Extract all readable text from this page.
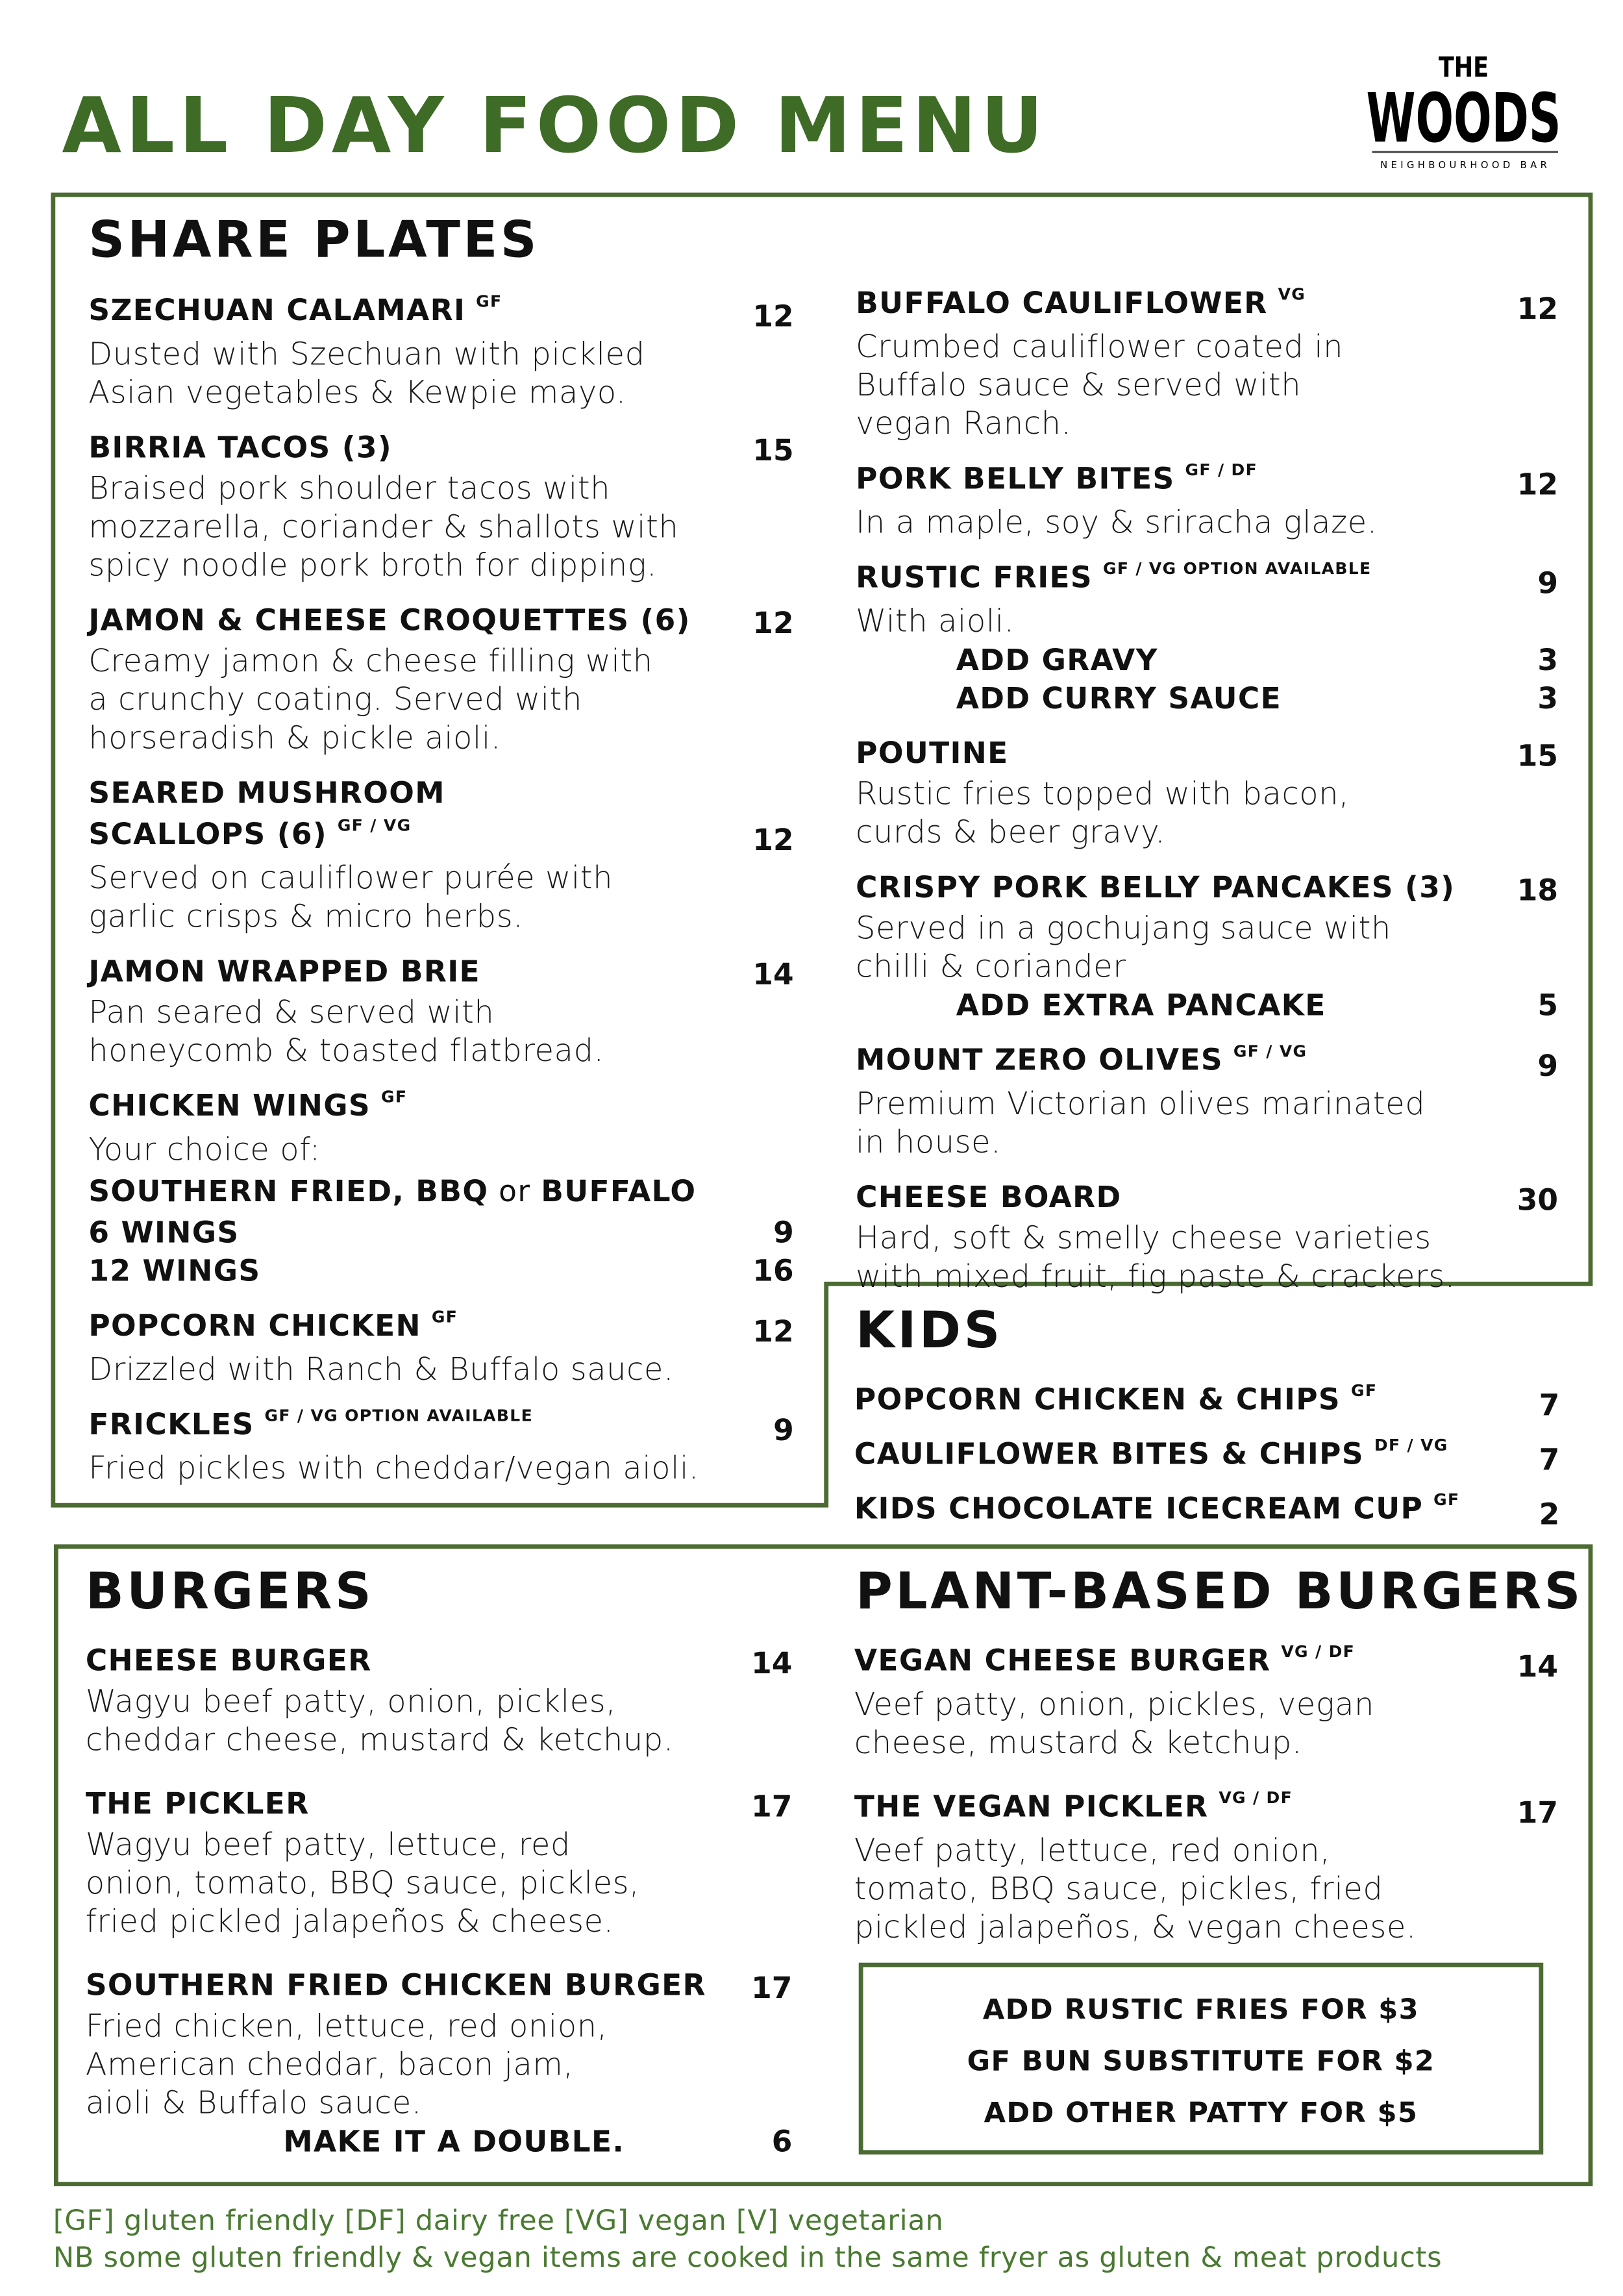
ALL DAY FOOD MENU
THE
WOODS
NEIGHBOURHOOD BAR
SHARE PLATES
SZECHUAN CALAMARI $^{GF}$	12
Dusted with Szechuan with pickled
Asian vegetables & Kewpie mayo.
BIRRIA TACOS (3)	15
Braised pork shoulder tacos with
mozzarella, coriander & shallots with
spicy noodle pork broth for dipping.
JAMON & CHEESE CROQUETTES (6)	12
Creamy jamon & cheese filling with
a crunchy coating. Served with
horseradish & pickle aioli.
SEARED MUSHROOM
SCALLOPS (6) $^{GF / VG}$	12
Served on cauliflower purée with
garlic crisps & micro herbs.
JAMON WRAPPED BRIE	14
Pan seared & served with
honeycomb & toasted flatbread.
CHICKEN WINGS $^{GF}$
Your choice of:
SOUTHERN FRIED, BBQ or BUFFALO
6 WINGS	9
12 WINGS	16
POPCORN CHICKEN $^{GF}$	12
Drizzled with Ranch & Buffalo sauce.
FRICKLES $^{GF / VG OPTION AVAILABLE}$	9
Fried pickles with cheddar/vegan aioli.
BUFFALO CAULIFLOWER $^{VG}$	12
Crumbed cauliflower coated in
Buffalo sauce & served with
vegan Ranch.
PORK BELLY BITES $^{GF / DF}$	12
In a maple, soy & sriracha glaze.
RUSTIC FRIES $^{GF / VG OPTION AVAILABLE}$	9
With aioli.
ADD GRAVY	3
ADD CURRY SAUCE	3
POUTINE	15
Rustic fries topped with bacon,
curds & beer gravy.
CRISPY PORK BELLY PANCAKES (3)	18
Served in a gochujang sauce with
chilli & coriander
ADD EXTRA PANCAKE	5
MOUNT ZERO OLIVES $^{GF / VG}$	9
Premium Victorian olives marinated
in house.
CHEESE BOARD	30
Hard, soft & smelly cheese varieties
with mixed fruit, fig paste & crackers.
KIDS
POPCORN CHICKEN & CHIPS $^{GF}$	7
CAULIFLOWER BITES & CHIPS $^{DF / VG}$	7
KIDS CHOCOLATE ICECREAM CUP $^{GF}$	2
BURGERS
CHEESE BURGER	14
Wagyu beef patty, onion, pickles,
cheddar cheese, mustard & ketchup.
THE PICKLER	17
Wagyu beef patty, lettuce, red
onion, tomato, BBQ sauce, pickles,
fried pickled jalapeños & cheese.
SOUTHERN FRIED CHICKEN BURGER	17
Fried chicken, lettuce, red onion,
American cheddar, bacon jam,
aioli & Buffalo sauce.
MAKE IT A DOUBLE.	6
PLANT-BASED BURGERS
VEGAN CHEESE BURGER $^{VG / DF}$	14
Veef patty, onion, pickles, vegan
cheese, mustard & ketchup.
THE VEGAN PICKLER $^{VG / DF}$	17
Veef patty, lettuce, red onion,
tomato, BBQ sauce, pickles, fried
pickled jalapeños, & vegan cheese.
ADD RUSTIC FRIES FOR $3
GF BUN SUBSTITUTE FOR $2
ADD OTHER PATTY FOR $5
[GF] gluten friendly [DF] dairy free [VG] vegan [V] vegetarian
NB some gluten friendly & vegan items are cooked in the same fryer as gluten & meat products
